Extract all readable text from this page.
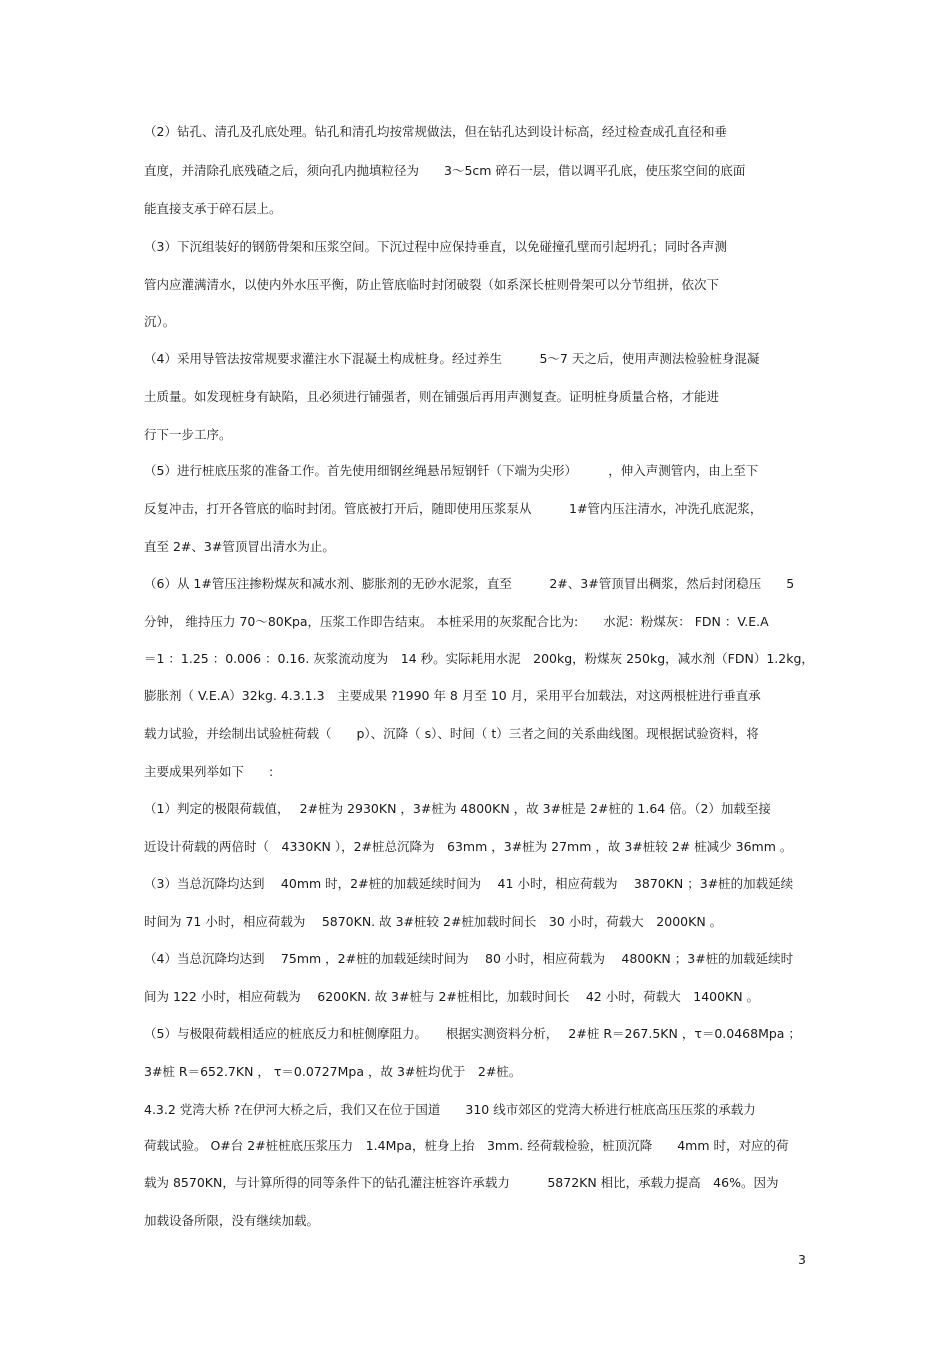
（2）钻孔、清孔及孔底处理。钻孔和清孔均按常规做法，但在钻孔达到设计标高，经过检查成孔直径和垂
直度，并清除孔底残碴之后，须向孔内抛填粒径为　　3～5cm 碎石一层，借以调平孔底，使压浆空间的底面
能直接支承于碎石层上。
（3）下沉组装好的钢筋骨架和压浆空间。下沉过程中应保持垂直，以免碰撞孔壁而引起坍孔；同时各声测
管内应灌满清水，以使内外水压平衡，防止管底临时封闭破裂（如系深长桩则骨架可以分节组拼，依次下
沉）。
（4）采用导管法按常规要求灌注水下混凝土构成桩身。经过养生　　　5～7 天之后，使用声测法检验桩身混凝
土质量。如发现桩身有缺陷，且必须进行铺强者，则在铺强后再用声测复查。证明桩身质量合格，才能进
行下一步工序。
（5）进行桩底压浆的准备工作。首先使用细钢丝绳悬吊短钢钎（下端为尖形）　　　，伸入声测管内，由上至下
反复冲击，打开各管底的临时封闭。管底被打开后，随即使用压浆泵从　　　1#管内压注清水，冲洗孔底泥浆，
直至 2#、3#管顶冒出清水为止。
（6）从 1#管压注掺粉煤灰和减水剂、膨胀剂的无砂水泥浆，直至　　　2#、3#管顶冒出稠浆，然后封闭稳压　　5
分钟， 维持压力 70～80Kpa，压浆工作即告结束。 本桩采用的灰浆配合比为:　　水泥：粉煤灰： FDN ：V.E.A
＝1 ：1.25 ：0.006 ：0.16. 灰浆流动度为　14 秒。实际耗用水泥　200kg，粉煤灰 250kg，减水剂（FDN）1.2kg，
膨胀剂（ V.E.A）32kg. 4.3.1.3　主要成果 ?1990 年 8 月至 10 月，采用平台加载法，对这两根桩进行垂直承
载力试验，并绘制出试验桩荷载（　　p）、沉降（ s）、时间（ t）三者之间的关系曲线图。现根据试验资料，将
主要成果列举如下　　:
（1）判定的极限荷载值，　 2#桩为 2930KN ，3#桩为 4800KN ，故 3#桩是 2#桩的 1.64 倍。（2）加载至接
近设计荷载的两倍时（　4330KN ），2#桩总沉降为　63mm ，3#桩为 27mm ，故 3#桩较 2# 桩减少 36mm 。
（3）当总沉降均达到　 40mm 时，2#桩的加载延续时间为　 41 小时，相应荷载为　 3870KN ；3#桩的加载延续
时间为 71 小时，相应荷载为　 5870KN. 故 3#桩较 2#桩加载时间长　30 小时，荷载大　2000KN 。
（4）当总沉降均达到　 75mm ，2#桩的加载延续时间为　 80 小时，相应荷载为　 4800KN ；3#桩的加载延续时
间为 122 小时，相应荷载为　 6200KN. 故 3#桩与 2#桩相比，加载时间长　 42 小时，荷载大　1400KN 。
（5）与极限荷载相适应的桩底反力和桩侧摩阻力。　　根据实测资料分析，　 2#桩 R＝267.5KN ，τ＝0.0468Mpa ；
3#桩 R＝652.7KN ， τ＝0.0727Mpa ，故 3#桩均优于　2#桩。
4.3.2 党湾大桥 ?在伊河大桥之后，我们又在位于国道　　310 线市郊区的党湾大桥进行桩底高压压浆的承载力
荷载试验。 O#台 2#桩桩底压浆压力　1.4Mpa，桩身上抬　3mm. 经荷载检验，桩顶沉降　　4mm 时，对应的荷
载为 8570KN，与计算所得的同等条件下的钻孔灌注桩容许承载力　　　5872KN 相比，承载力提高　46%。因为
加载设备所限，没有继续加载。
3
